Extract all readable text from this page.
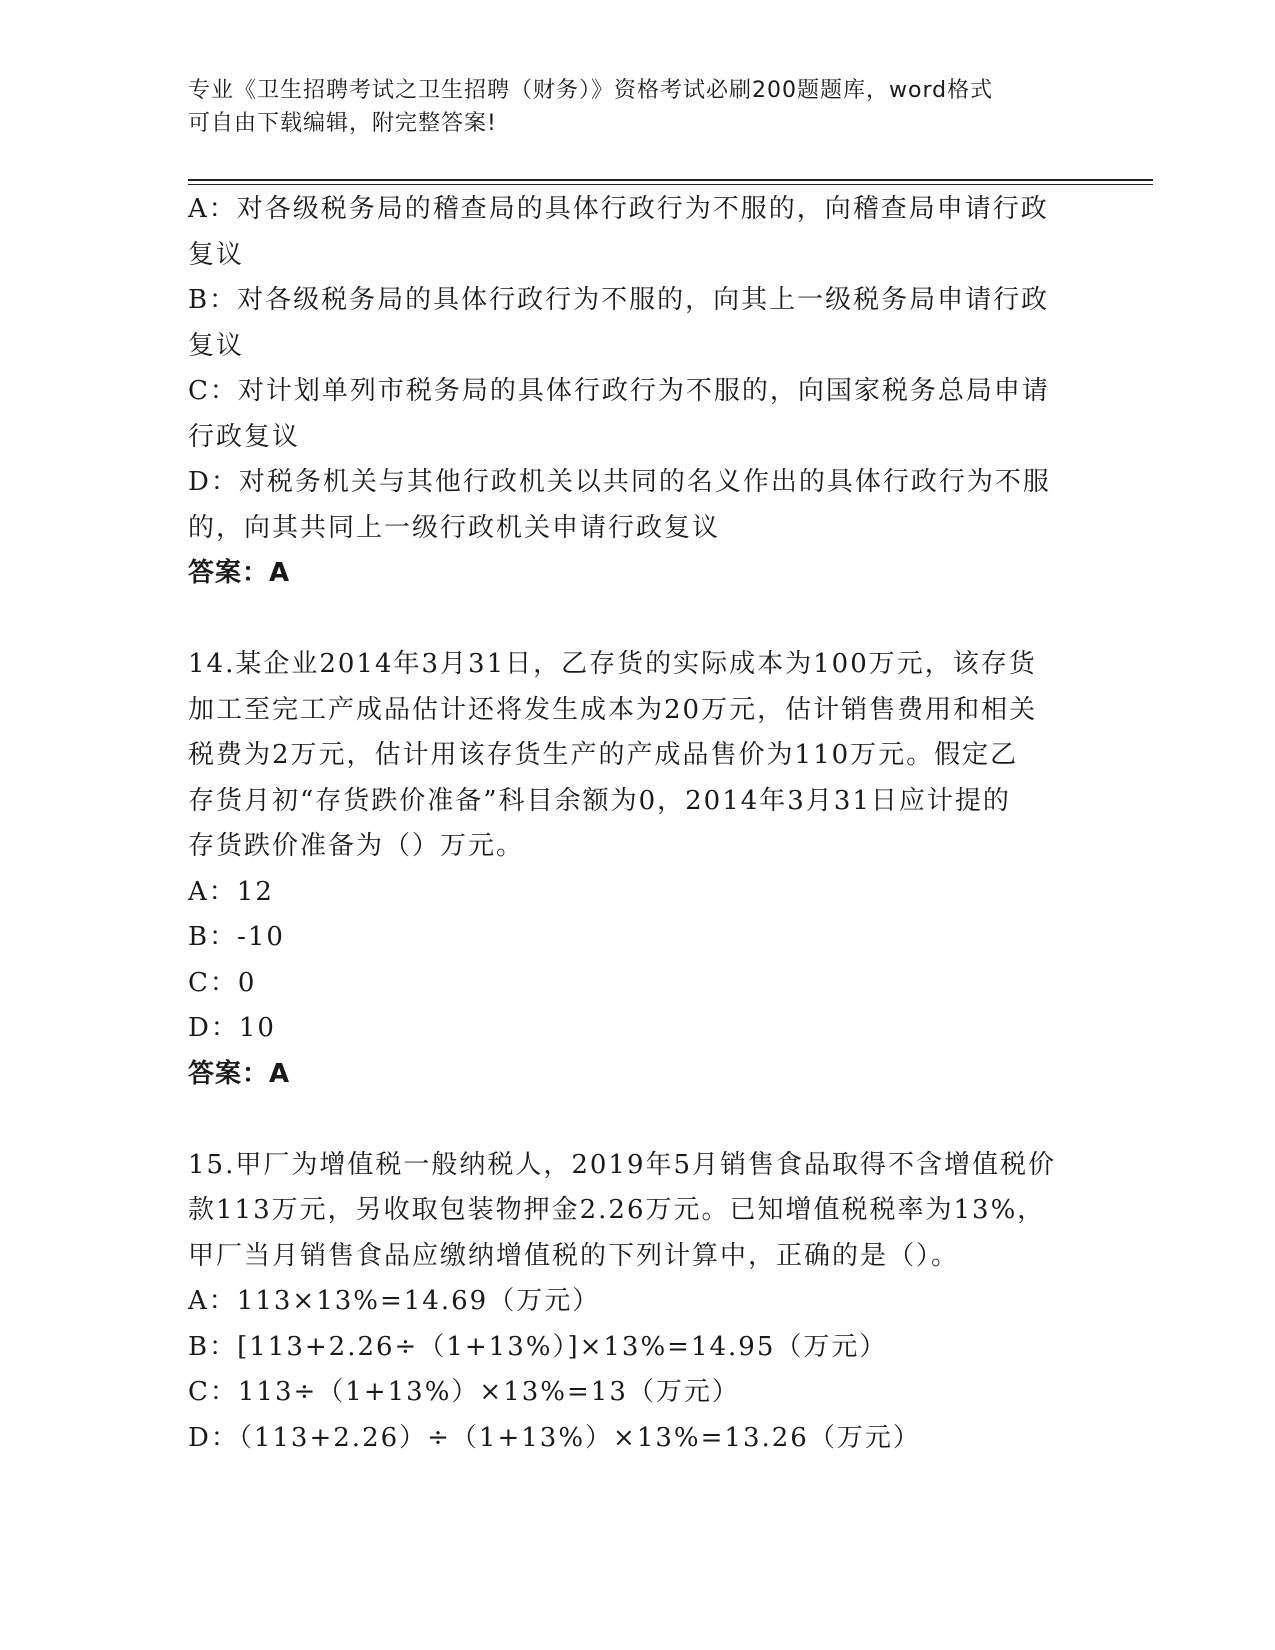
专业《卫生招聘考试之卫生招聘（财务）》资格考试必刷200题题库，word格式
可自由下载编辑，附完整答案!
A：对各级税务局的稽查局的具体行政行为不服的，向稽查局申请行政
复议
B：对各级税务局的具体行政行为不服的，向其上一级税务局申请行政
复议
C：对计划单列市税务局的具体行政行为不服的，向国家税务总局申请
行政复议
D：对税务机关与其他行政机关以共同的名义作出的具体行政行为不服
的，向其共同上一级行政机关申请行政复议
答案：A
14.某企业2014年3月31日，乙存货的实际成本为100万元，该存货
加工至完工产成品估计还将发生成本为20万元，估计销售费用和相关
税费为2万元，估计用该存货生产的产成品售价为110万元。假定乙
存货月初“存货跌价准备”科目余额为0，2014年3月31日应计提的
存货跌价准备为（）万元。
A：12
B：-10
C：0
D：10
答案：A
15.甲厂为增值税一般纳税人，2019年5月销售食品取得不含增值税价
款113万元，另收取包装物押金2.26万元。已知增值税税率为13%，
甲厂当月销售食品应缴纳增值税的下列计算中，正确的是（）。
A：113×13%=14.69（万元）
B：[113+2.26÷（1+13%）]×13%=14.95（万元）
C：113÷（1+13%）×13%=13（万元）
D：（113+2.26）÷（1+13%）×13%=13.26（万元）
